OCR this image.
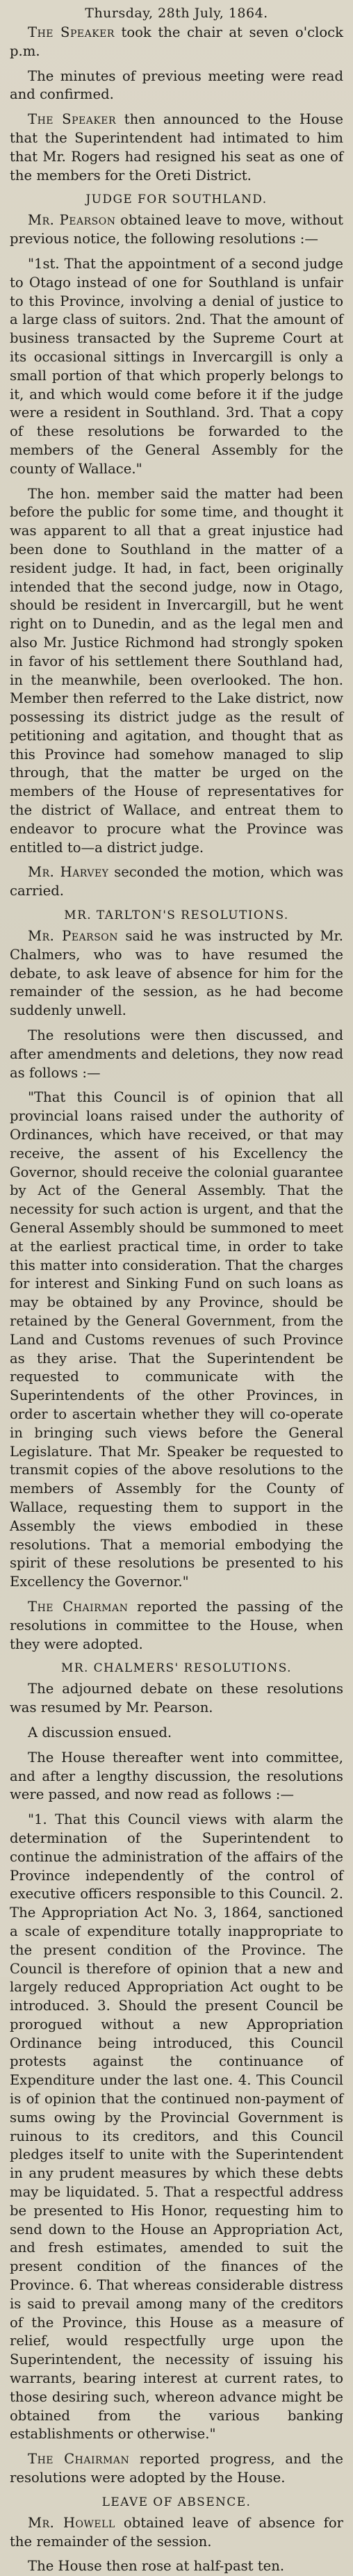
Thursday, 28th July, 1864.

The Speaker took the chair at seven o'clock p.m.

The minutes of previous meeting were read and confirmed.

The Speaker then announced to the House that the Superintendent had intimated to him that Mr. Rogers had resigned his seat as one of the members for the Oreti District.

JUDGE FOR SOUTHLAND.

Mr. Pearson obtained leave to move, without previous notice, the following resolutions :—

"1st. That the appointment of a second judge to Otago instead of one for Southland is unfair to this Province, involving a denial of justice to a large class of suitors. 2nd. That the amount of business transacted by the Supreme Court at its occasional sittings in Invercargill is only a small portion of that which properly belongs to it, and which would come before it if the judge were a resident in Southland. 3rd. That a copy of these resolutions be forwarded to the members of the General Assembly for the county of Wallace."

The hon. member said the matter had been before the public for some time, and thought it was apparent to all that a great injustice had been done to Southland in the matter of a resident judge. It had, in fact, been originally intended that the second judge, now in Otago, should be resident in Invercargill, but he went right on to Dunedin, and as the legal men and also Mr. Justice Richmond had strongly spoken in favor of his settlement there Southland had, in the meanwhile, been overlooked. The hon. Member then referred to the Lake district, now possessing its district judge as the result of petitioning and agitation, and thought that as this Province had somehow managed to slip through, that the matter be urged on the members of the House of representatives for the district of Wallace, and entreat them to endeavor to procure what the Province was entitled to—a district judge.

Mr. Harvey seconded the motion, which was carried.

MR. TARLTON'S RESOLUTIONS.

Mr. Pearson said he was instructed by Mr. Chalmers, who was to have resumed the debate, to ask leave of absence for him for the remainder of the session, as he had become suddenly unwell.

The resolutions were then discussed, and after amendments and deletions, they now read as follows :—

"That this Council is of opinion that all provincial loans raised under the authority of Ordinances, which have received, or that may receive, the assent of his Excellency the Governor, should receive the colonial guarantee by Act of the General Assembly. That the necessity for such action is urgent, and that the General Assembly should be summoned to meet at the earliest practical time, in order to take this matter into consideration. That the charges for interest and Sinking Fund on such loans as may be obtained by any Province, should be retained by the General Government, from the Land and Customs revenues of such Province as they arise. That the Superintendent be requested to communicate with the Superintendents of the other Provinces, in order to ascertain whether they will co-operate in bringing such views before the General Legislature. That Mr. Speaker be requested to transmit copies of the above resolutions to the members of Assembly for the County of Wallace, requesting them to support in the Assembly the views embodied in these resolutions. That a memorial embodying the spirit of these resolutions be presented to his Excellency the Governor."

The Chairman reported the passing of the resolutions in committee to the House, when they were adopted.

MR. CHALMERS' RESOLUTIONS.

The adjourned debate on these resolutions was resumed by Mr. Pearson.

A discussion ensued.

The House thereafter went into committee, and after a lengthy discussion, the resolutions were passed, and now read as follows :—

"1. That this Council views with alarm the determination of the Superintendent to continue the administration of the affairs of the Province independently of the control of executive officers responsible to this Council. 2. The Appropriation Act No. 3, 1864, sanctioned a scale of expenditure totally inappropriate to the present condition of the Province. The Council is therefore of opinion that a new and largely reduced Appropriation Act ought to be introduced. 3. Should the present Council be prorogued without a new Appropriation Ordinance being introduced, this Council protests against the continuance of Expenditure under the last one. 4. This Council is of opinion that the continued non-payment of sums owing by the Provincial Government is ruinous to its creditors, and this Council pledges itself to unite with the Superintendent in any prudent measures by which these debts may be liquidated. 5. That a respectful address be presented to His Honor, requesting him to send down to the House an Appropriation Act, and fresh estimates, amended to suit the present condition of the finances of the Province. 6. That whereas considerable distress is said to prevail among many of the creditors of the Province, this House as a measure of relief, would respectfully urge upon the Superintendent, the necessity of issuing his warrants, bearing interest at current rates, to those desiring such, whereon advance might be obtained from the various banking establishments or otherwise."

The Chairman reported progress, and the resolutions were adopted by the House.

LEAVE OF ABSENCE.

Mr. Howell obtained leave of absence for the remainder of the session.

The House then rose at half-past ten.
